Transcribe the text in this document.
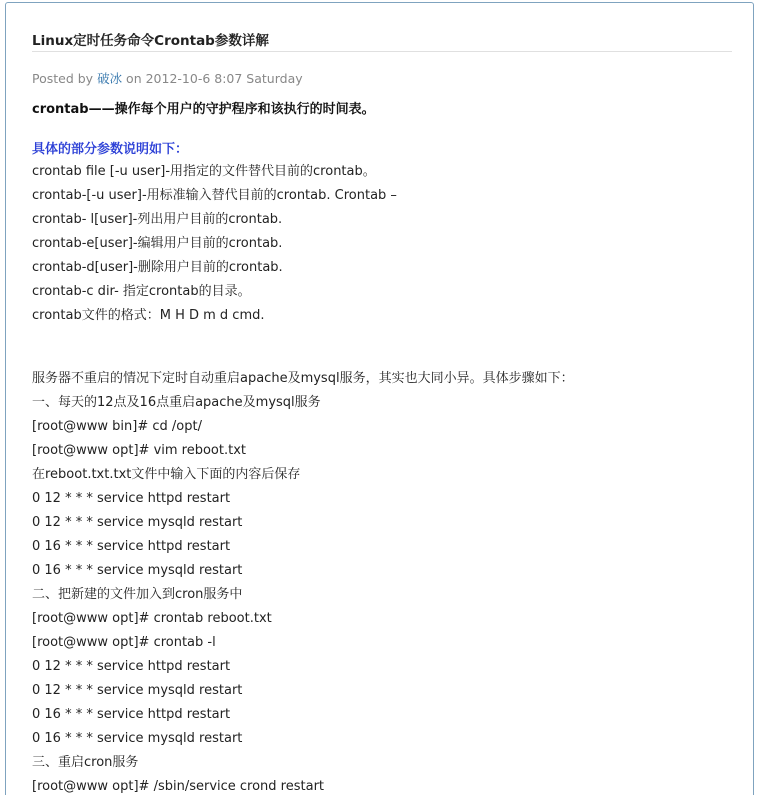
Linux定时任务命令Crontab参数详解
Posted by 破冰 on 2012-10-6 8:07 Saturday
crontab——操作每个用户的守护程序和该执行的时间表。
具体的部分参数说明如下：
crontab file [-u user]-用指定的文件替代目前的crontab。
crontab-[-u user]-用标准输入替代目前的crontab. Crontab –
crontab- l[user]-列出用户目前的crontab.
crontab-e[user]-编辑用户目前的crontab.
crontab-d[user]-删除用户目前的crontab.
crontab-c dir- 指定crontab的目录。
crontab文件的格式：M H D m d cmd.
服务器不重启的情况下定时自动重启apache及mysql服务，其实也大同小异。具体步骤如下：
一、每天的12点及16点重启apache及mysql服务
[root@www bin]# cd /opt/
[root@www opt]# vim reboot.txt
在reboot.txt.txt文件中输入下面的内容后保存
0 12 * * * service httpd restart
0 12 * * * service mysqld restart
0 16 * * * service httpd restart
0 16 * * * service mysqld restart
二、把新建的文件加入到cron服务中
[root@www opt]# crontab reboot.txt
[root@www opt]# crontab -l
0 12 * * * service httpd restart
0 12 * * * service mysqld restart
0 16 * * * service httpd restart
0 16 * * * service mysqld restart
三、重启cron服务
[root@www opt]# /sbin/service crond restart
